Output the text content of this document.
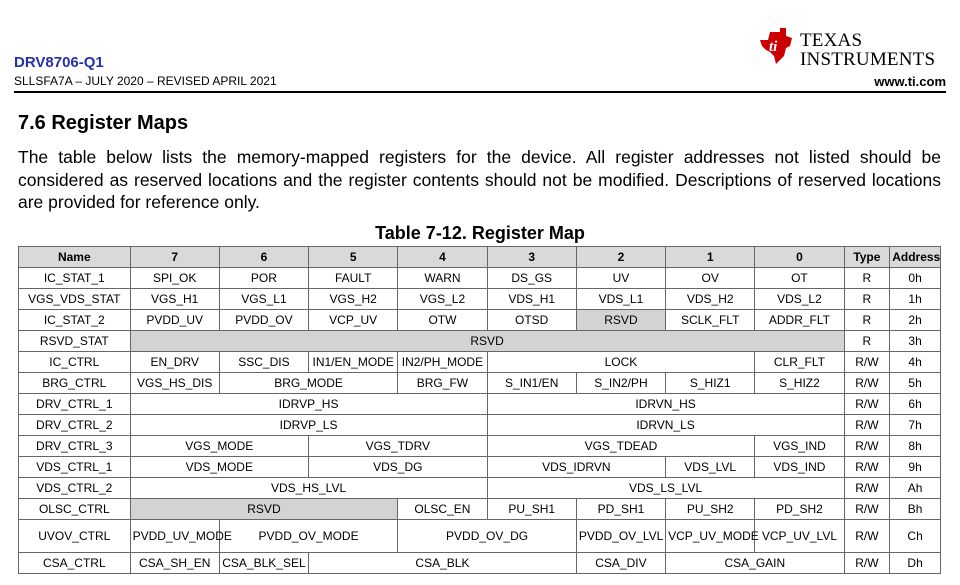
DRV8706-Q1
SLLSFA7A – JULY 2020 – REVISED APRIL 2021
ti TEXAS
INSTRUMENTS
www.ti.com
7.6 Register Maps

The table below lists the memory-mapped registers for the device. All register addresses not listed should be considered as reserved locations and the register contents should not be modified. Descriptions of reserved locations are provided for reference only.

Table 7-12. Register Map
Name	7	6	5	4	3	2	1	0	Type	Address
IC_STAT_1	SPI_OK	POR	FAULT	WARN	DS_GS	UV	OV	OT	R	0h
VGS_VDS_STAT	VGS_H1	VGS_L1	VGS_H2	VGS_L2	VDS_H1	VDS_L1	VDS_H2	VDS_L2	R	1h
IC_STAT_2	PVDD_UV	PVDD_OV	VCP_UV	OTW	OTSD	RSVD	SCLK_FLT	ADDR_FLT	R	2h
RSVD_STAT	RSVD								R	3h
IC_CTRL	EN_DRV	SSC_DIS	IN1/EN_MODE	IN2/PH_MODE	LOCK			CLR_FLT	R/W	4h
BRG_CTRL	VGS_HS_DIS	BRG_MODE		BRG_FW	S_IN1/EN	S_IN2/PH	S_HIZ1	S_HIZ2	R/W	5h
DRV_CTRL_1	IDRVP_HS				IDRVN_HS				R/W	6h
DRV_CTRL_2	IDRVP_LS				IDRVN_LS				R/W	7h
DRV_CTRL_3	VGS_MODE		VGS_TDRV		VGS_TDEAD			VGS_IND	R/W	8h
VDS_CTRL_1	VDS_MODE		VDS_DG		VDS_IDRVN		VDS_LVL	VDS_IND	R/W	9h
VDS_CTRL_2	VDS_HS_LVL				VDS_LS_LVL				R/W	Ah
OLSC_CTRL	RSVD			OLSC_EN	PU_SH1	PD_SH1	PU_SH2	PD_SH2	R/W	Bh
UVOV_CTRL	PVDD_UV_MODE	PVDD_OV_MODE		PVDD_OV_DG		PVDD_OV_LVL	VCP_UV_MODE	VCP_UV_LVL	R/W	Ch
CSA_CTRL	CSA_SH_EN	CSA_BLK_SEL	CSA_BLK			CSA_DIV	CSA_GAIN		R/W	Dh
